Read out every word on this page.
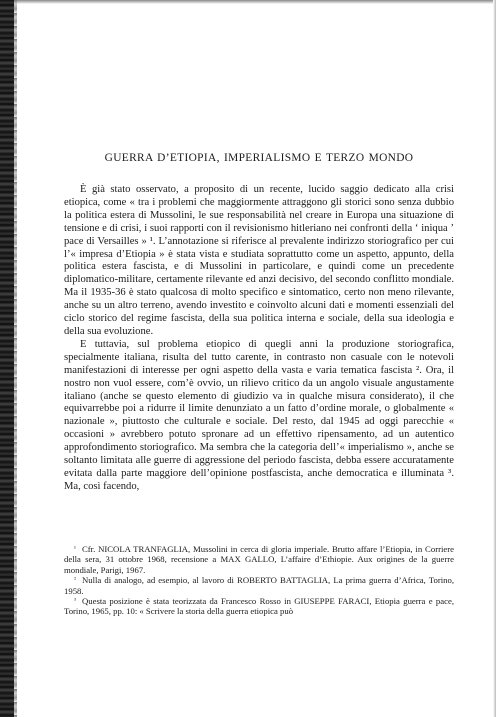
GUERRA D’ETIOPIA, IMPERIALISMO E TERZO MONDO

È già stato osservato, a proposito di un recente, lucido saggio dedicato alla crisi etiopica, come « tra i problemi che maggiormente attraggono gli storici sono senza dubbio la politica estera di Mussolini, le sue responsabilità nel creare in Europa una situazione di tensione e di crisi, i suoi rapporti con il revisionismo hitleriano nei confronti della ‘ iniqua ’ pace di Versailles » ¹. L’annotazione si riferisce al prevalente indirizzo storiografico per cui l’« impresa d’Etiopia » è stata vista e studiata soprattutto come un aspetto, appunto, della politica estera fascista, e di Mussolini in particolare, e quindi come un precedente diplomatico-militare, certamente rilevante ed anzi decisivo, del secondo conflitto mondiale. Ma il 1935-36 è stato qualcosa di molto specifico e sintomatico, certo non meno rilevante, anche su un altro terreno, avendo investito e coinvolto alcuni dati e momenti essenziali del ciclo storico del regime fascista, della sua politica interna e sociale, della sua ideologia e della sua evoluzione.

E tuttavia, sul problema etiopico di quegli anni la produzione storiografica, specialmente italiana, risulta del tutto carente, in contrasto non casuale con le notevoli manifestazioni di interesse per ogni aspetto della vasta e varia tematica fascista ². Ora, il nostro non vuol essere, com’è ovvio, un rilievo critico da un angolo visuale angustamente italiano (anche se questo elemento di giudizio va in qualche misura considerato), il che equivarrebbe poi a ridurre il limite denunziato a un fatto d’ordine morale, o globalmente « nazionale », piuttosto che culturale e sociale. Del resto, dal 1945 ad oggi parecchie « occasioni » avrebbero potuto spronare ad un effettivo ripensamento, ad un autentico approfondimento storiografico. Ma sembra che la categoria dell’« imperialismo », anche se soltanto limitata alle guerre di aggressione del periodo fascista, debba essere accuratamente evitata dalla parte maggiore dell’opinione postfascista, anche democratica e illuminata ³. Ma, così facendo,

$^{^1}$ Cfr. NICOLA TRANFAGLIA, Mussolini in cerca di gloria imperiale. Brutto affare l’Etiopia, in Corriere della sera, 31 ottobre 1968, recensione a MAX GALLO, L’affaire d’Ethiopie. Aux origines de la guerre mondiale, Parigi, 1967.

$^{^2}$ Nulla di analogo, ad esempio, al lavoro di ROBERTO BATTAGLIA, La prima guerra d’Africa, Torino, 1958.

$^{^3}$ Questa posizione è stata teorizzata da Francesco Rosso in GIUSEPPE FARACI, Etiopia guerra e pace, Torino, 1965, pp. 10: « Scrivere la storia della guerra etiopica può
